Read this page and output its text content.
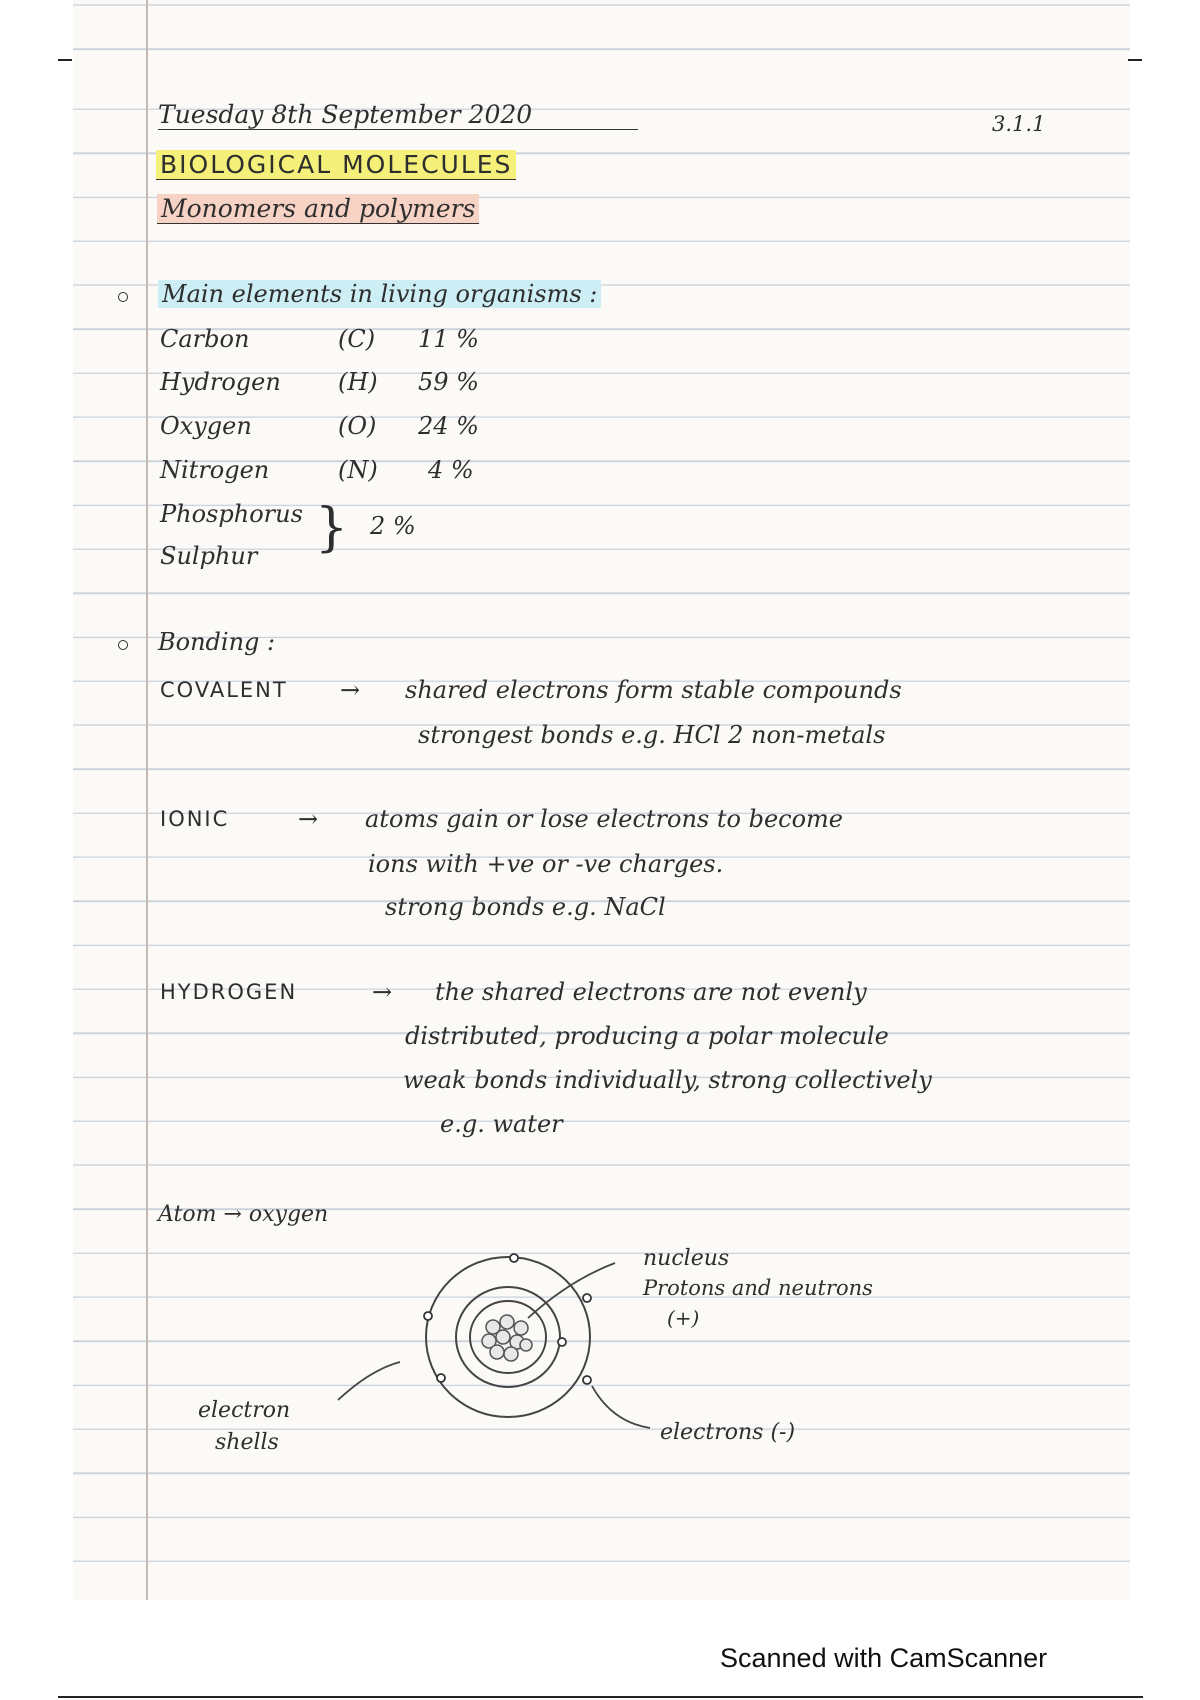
Tuesday 8th September 2020	3.1.1
BIOLOGICAL MOLECULES
Monomers and polymers
Main elements in living organisms :
Carbon	(C) 11 %
Hydrogen (H) 59 %
Oxygen	(O) 24 %
Nitrogen	(N) 4 %
Phosphorus
Sulphur } 2 %
Bonding :
COVALENT → shared electrons form stable compounds
strongest bonds e.g. HCl 2 non-metals
IONIC	→ atoms gain or lose electrons to become
ions with +ve or -ve charges.
strong bonds e.g. NaCl
HYDROGEN	→ the shared electrons are not evenly
distributed, producing a polar molecule
weak bonds individually, strong collectively
e.g. water
Atom → oxygen
nucleus
Protons and neutrons
(+)
electron
shells	electrons (-)
Scanned with CamScanner
